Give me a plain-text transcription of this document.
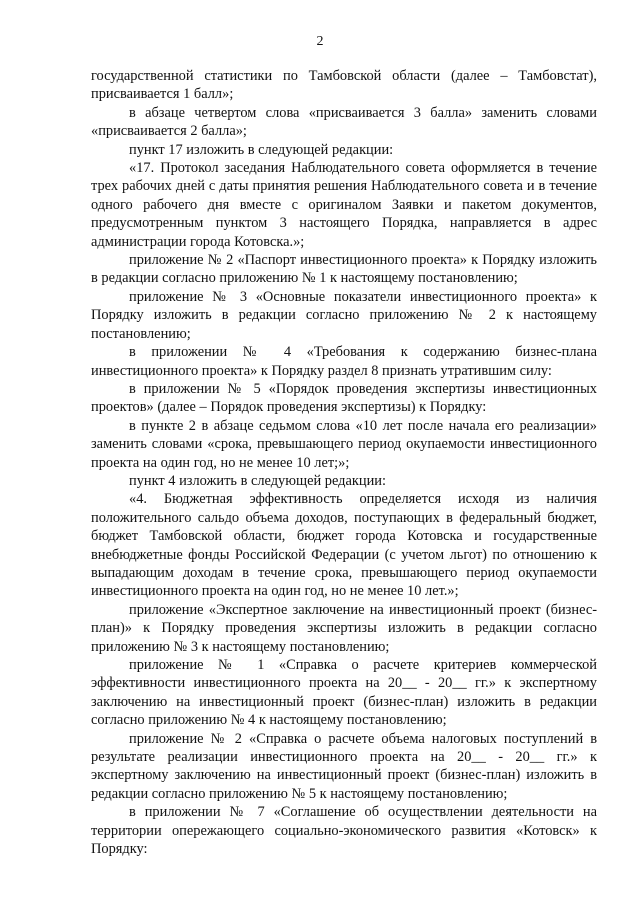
2

государственной статистики по Тамбовской области (далее – Тамбовстат), присваивается 1 балл»;

в абзаце четвертом слова «присваивается 3 балла» заменить словами «присваивается 2 балла»;

пункт 17 изложить в следующей редакции:

«17. Протокол заседания Наблюдательного совета оформляется в течение трех рабочих дней с даты принятия решения Наблюдательного совета и в течение одного рабочего дня вместе с оригиналом Заявки и пакетом документов, предусмотренным пунктом 3 настоящего Порядка, направляется в адрес администрации города Котовска.»;

приложение № 2 «Паспорт инвестиционного проекта» к Порядку изложить в редакции согласно приложению № 1 к настоящему постановлению;

приложение № 3 «Основные показатели инвестиционного проекта» к Порядку изложить в редакции согласно приложению № 2 к настоящему постановлению;

в приложении № 4 «Требования к содержанию бизнес-плана инвестиционного проекта» к Порядку раздел 8 признать утратившим силу:

в приложении № 5 «Порядок проведения экспертизы инвестиционных проектов» (далее – Порядок проведения экспертизы) к Порядку:

в пункте 2 в абзаце седьмом слова «10 лет после начала его реализации» заменить словами «срока, превышающего период окупаемости инвестиционного проекта на один год, но не менее 10 лет;»;

пункт 4 изложить в следующей редакции:

«4. Бюджетная эффективность определяется исходя из наличия положительного сальдо объема доходов, поступающих в федеральный бюджет, бюджет Тамбовской области, бюджет города Котовска и государственные внебюджетные фонды Российской Федерации (с учетом льгот) по отношению к выпадающим доходам в течение срока, превышающего период окупаемости инвестиционного проекта на один год, но не менее 10 лет.»;

приложение «Экспертное заключение на инвестиционный проект (бизнес-план)» к Порядку проведения экспертизы изложить в редакции согласно приложению № 3 к настоящему постановлению;

приложение № 1 «Справка о расчете критериев коммерческой эффективности инвестиционного проекта на 20__ - 20__ гг.» к экспертному заключению на инвестиционный проект (бизнес-план) изложить в редакции согласно приложению № 4 к настоящему постановлению;

приложение № 2 «Справка о расчете объема налоговых поступлений в результате реализации инвестиционного проекта на 20__ - 20__ гг.» к экспертному заключению на инвестиционный проект (бизнес-план) изложить в редакции согласно приложению № 5 к настоящему постановлению;

в приложении № 7 «Соглашение об осуществлении деятельности на территории опережающего социально-экономического развития «Котовск» к Порядку:
